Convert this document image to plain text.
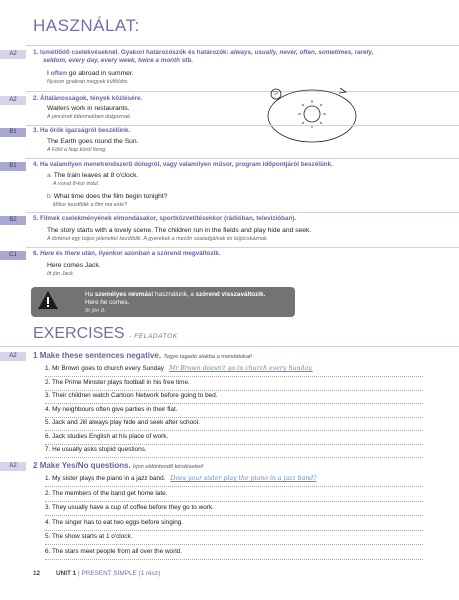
HASZNÁLAT:
A2	1. Ismétlődő cselekvéseknél. Gyakori határozószók és határozók: always, usually, never, often, sometimes, rarely,
seldom, every day, every week, twice a month stb.
I often go abroad in summer.
Nyáron gyakran megyek külföldre.
A2	2. Általánosságok, tények közlésére.
Waiters work in restaurants.
A pincérek éttermekben dolgoznak.
B1	3. Ha örök igazságról beszélünk.
The Earth goes round the Sun.
A Föld a Nap körül forog.
B1	4. Ha valamilyen menetrendszerű dologról, vagy valamilyen műsor, program időpontjáról beszélünk.
a The train leaves at 8 o'clock.
A vonat 8-kor indul.
b What time does the film begin tonight?
Mikor kezdődik a film ma este?
B2	5. Filmek cselekményének elmondásakor, sportközvetítésekkor (rádióban, televízióban).
The story starts with a lovely scene. The children run in the fields and play hide and seek.
A történet egy bájos jelenettel kezdődik. A gyerekek a mezőn szaladgálnak és bújócskáznak.
C1	6. Here és there után, ilyenkor azonban a szórend megváltozik.
Here comes Jack.
Itt jön Jack.
Ha személyes névmást használunk, a szórend visszaváltozik.
Here he comes.
Itt jön ő.
EXERCISES - FELADATOK
A2	1 Make these sentences negative. Tegye tagadó alakba a mondatokat!
1. Mr Brown goes to church every Sunday Mr Brown doesn't go to church every Sunday.
2. The Prime Minister plays football in his free time.
3. Their children watch Cartoon Network before going to bed.
4. My neighbours often give parties in their flat.
5. Jack and Jill always play hide and seek after school.
6. Jack studies English at his place of work.
7. He usually asks stupid questions.
A2	2 Make Yes/No questions. Írjon eldöntendő kérdéseket!
1. My sister plays the piano in a jazz band. Does your sister play the piano in a jazz band?
2. The members of the band get home late.
3. They usually have a cup of coffee before they go to work.
4. The singer has to eat two eggs before singing.
5. The show starts at 1 o'clock.
6. The stars meet people from all over the world.
12 UNIT 1 | PRESENT SIMPLE (1 rész)
